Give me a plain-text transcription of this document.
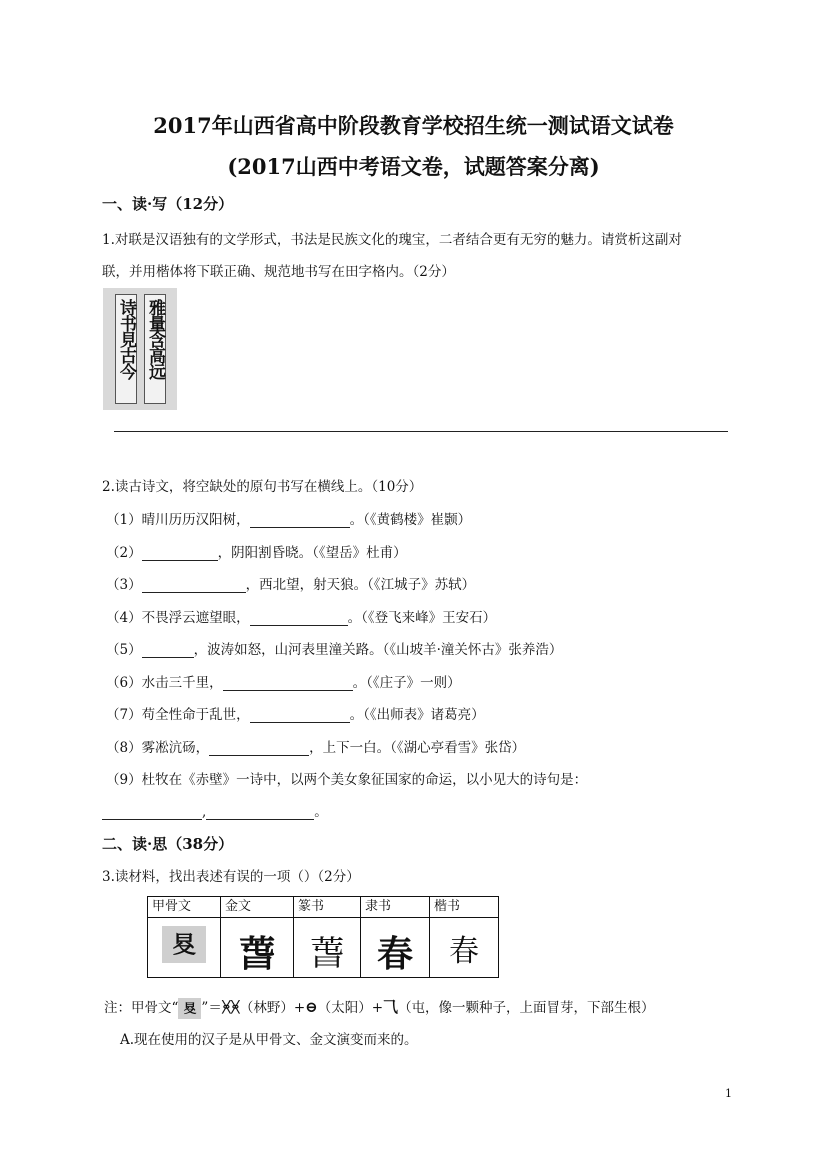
2017年山西省高中阶段教育学校招生统一测试语文试卷
(2017山西中考语文卷，试题答案分离)
一、读·写（12分）
1.对联是汉语独有的文学形式，书法是民族文化的瑰宝，二者结合更有无穷的魅力。请赏析这副对
联，并用楷体将下联正确、规范地书写在田字格内。（2分）
雅量含高远
诗书見古今
2.读古诗文，将空缺处的原句书写在横线上。（10分）
（1）晴川历历汉阳树，	。（《黄鹤楼》崔颢）
（2）	，阴阳割昏晓。（《望岳》杜甫）
（3）	，西北望，射天狼。（《江城子》苏轼）
（4）不畏浮云遮望眼，	。（《登飞来峰》王安石）
（5）	，波涛如怒，山河表里潼关路。（《山坡羊·潼关怀古》张养浩）
（6）水击三千里，	。（《庄子》一则）
（7）苟全性命于乱世，	。（《出师表》诸葛亮）
（8）雾凇沆砀，	，上下一白。（《湖心亭看雪》张岱）
（9）杜牧在《赤壁》一诗中，以两个美女象征国家的命运，以小见大的诗句是：
,	。
二、读·思（38分）
3.读材料，找出表述有误的一项（）（2分）
甲骨文	金文	篆书	隶书	楷书
𣅝	萅	萅	春	春
注：甲骨文“ 𣅝 ”＝ᚸᚸ（林野）+⊖（太阳）+⺄（屯，像一颗种子，上面冒芽，下部生根）
A.现在使用的汉子是从甲骨文、金文演变而来的。
1
